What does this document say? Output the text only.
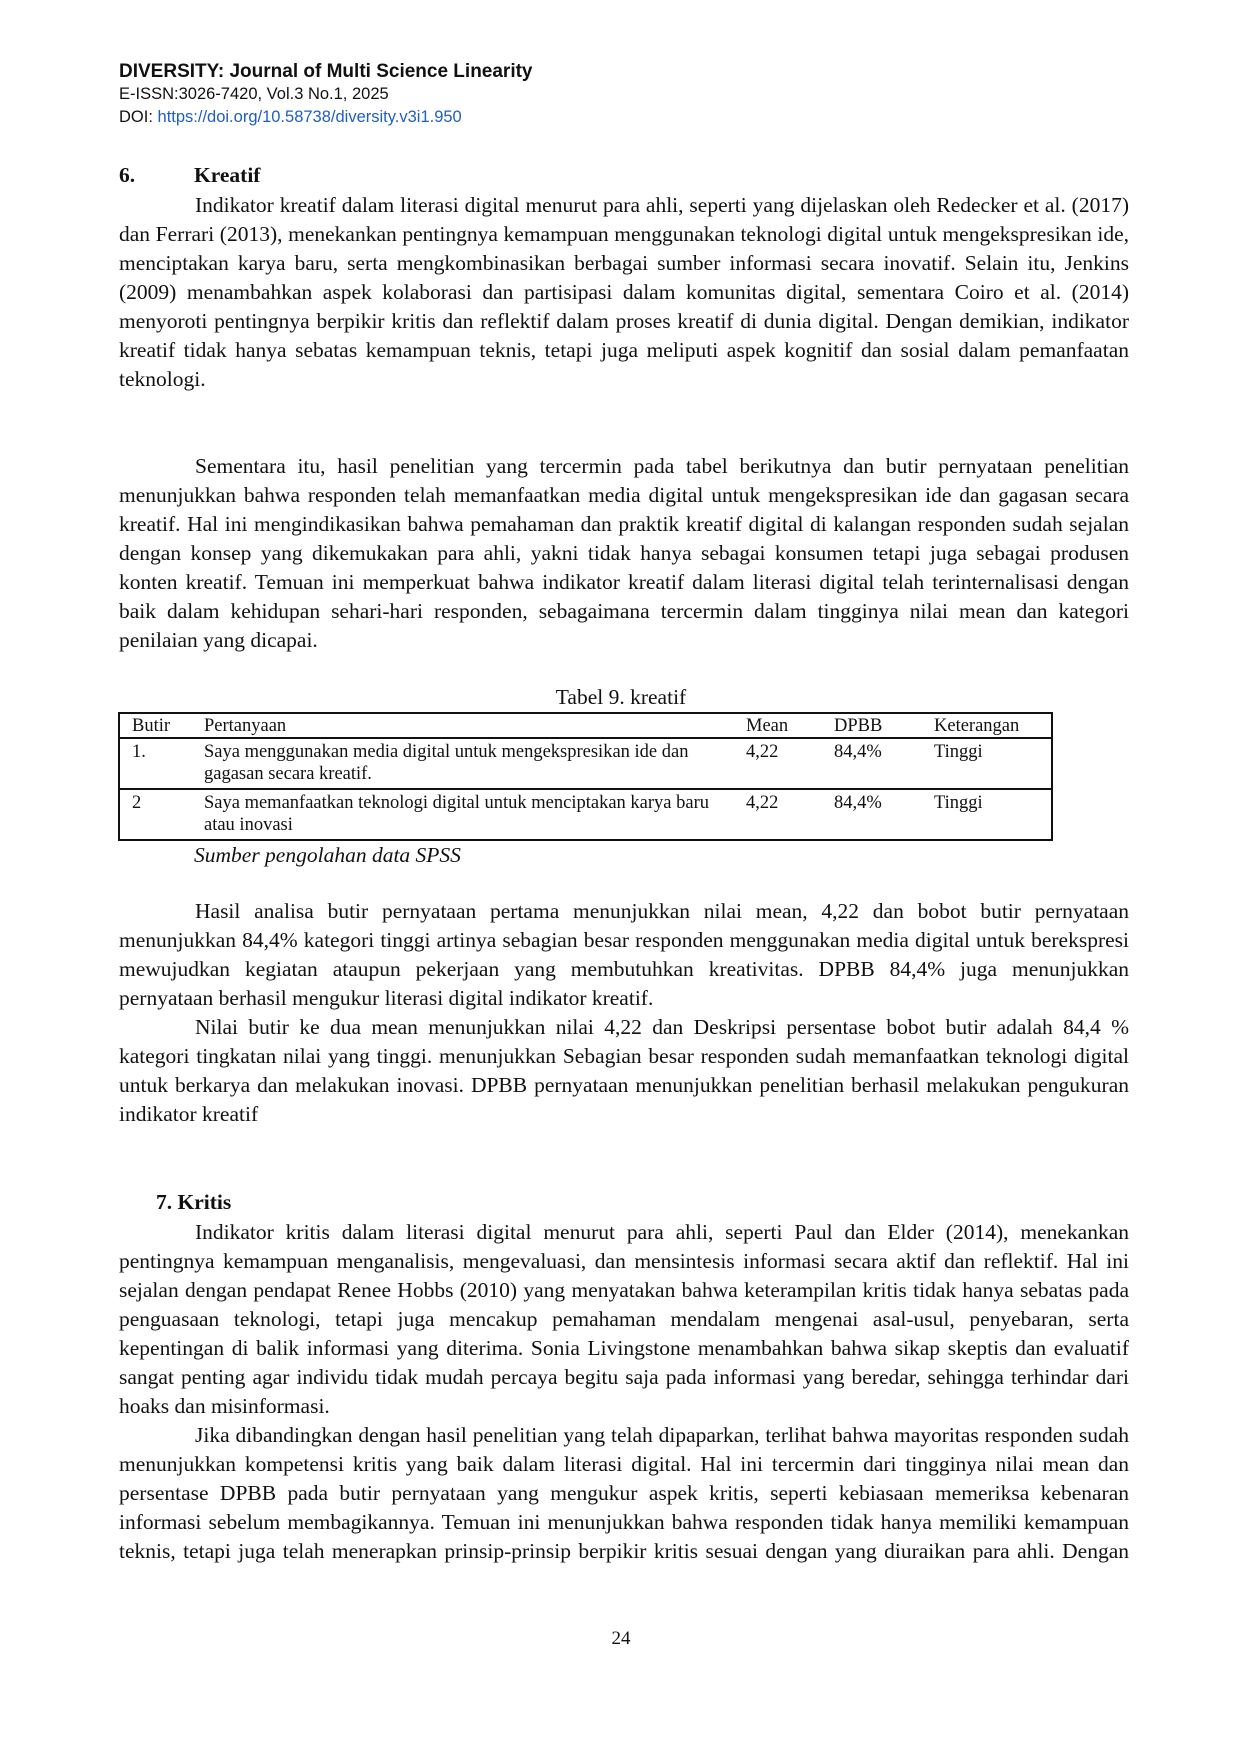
DIVERSITY: Journal of Multi Science Linearity
E-ISSN:3026-7420, Vol.3 No.1, 2025
DOI: https://doi.org/10.58738/diversity.v3i1.950
6.	Kreatif

Indikator kreatif dalam literasi digital menurut para ahli, seperti yang dijelaskan oleh Redecker et al. (2017) dan Ferrari (2013), menekankan pentingnya kemampuan menggunakan teknologi digital untuk mengekspresikan ide, menciptakan karya baru, serta mengkombinasikan berbagai sumber informasi secara inovatif. Selain itu, Jenkins (2009) menambahkan aspek kolaborasi dan partisipasi dalam komunitas digital, sementara Coiro et al. (2014) menyoroti pentingnya berpikir kritis dan reflektif dalam proses kreatif di dunia digital. Dengan demikian, indikator kreatif tidak hanya sebatas kemampuan teknis, tetapi juga meliputi aspek kognitif dan sosial dalam pemanfaatan teknologi.

Sementara itu, hasil penelitian yang tercermin pada tabel berikutnya dan butir pernyataan penelitian menunjukkan bahwa responden telah memanfaatkan media digital untuk mengekspresikan ide dan gagasan secara kreatif. Hal ini mengindikasikan bahwa pemahaman dan praktik kreatif digital di kalangan responden sudah sejalan dengan konsep yang dikemukakan para ahli, yakni tidak hanya sebagai konsumen tetapi juga sebagai produsen konten kreatif. Temuan ini memperkuat bahwa indikator kreatif dalam literasi digital telah terinternalisasi dengan baik dalam kehidupan sehari-hari responden, sebagaimana tercermin dalam tingginya nilai mean dan kategori penilaian yang dicapai.

Tabel 9. kreatif
Butir	Pertanyaan	Mean	DPBB	Keterangan
1.	Saya menggunakan media digital untuk mengekspresikan ide dan gagasan secara kreatif.	4,22	84,4%	Tinggi
2	Saya memanfaatkan teknologi digital untuk menciptakan karya baru atau inovasi	4,22	84,4%	Tinggi
Sumber pengolahan data SPSS

Hasil analisa butir pernyataan pertama menunjukkan nilai mean, 4,22 dan bobot butir pernyataan menunjukkan 84,4% kategori tinggi artinya sebagian besar responden menggunakan media digital untuk berekspresi mewujudkan kegiatan ataupun pekerjaan yang membutuhkan kreativitas. DPBB 84,4% juga menunjukkan pernyataan berhasil mengukur literasi digital indikator kreatif.

Nilai butir ke dua mean menunjukkan nilai 4,22 dan Deskripsi persentase bobot butir adalah 84,4 % kategori tingkatan nilai yang tinggi. menunjukkan Sebagian besar responden sudah memanfaatkan teknologi digital untuk berkarya dan melakukan inovasi. DPBB pernyataan menunjukkan penelitian berhasil melakukan pengukuran indikator kreatif

7. Kritis

Indikator kritis dalam literasi digital menurut para ahli, seperti Paul dan Elder (2014), menekankan pentingnya kemampuan menganalisis, mengevaluasi, dan mensintesis informasi secara aktif dan reflektif. Hal ini sejalan dengan pendapat Renee Hobbs (2010) yang menyatakan bahwa keterampilan kritis tidak hanya sebatas pada penguasaan teknologi, tetapi juga mencakup pemahaman mendalam mengenai asal-usul, penyebaran, serta kepentingan di balik informasi yang diterima. Sonia Livingstone menambahkan bahwa sikap skeptis dan evaluatif sangat penting agar individu tidak mudah percaya begitu saja pada informasi yang beredar, sehingga terhindar dari hoaks dan misinformasi.

Jika dibandingkan dengan hasil penelitian yang telah dipaparkan, terlihat bahwa mayoritas responden sudah menunjukkan kompetensi kritis yang baik dalam literasi digital. Hal ini tercermin dari tingginya nilai mean dan persentase DPBB pada butir pernyataan yang mengukur aspek kritis, seperti kebiasaan memeriksa kebenaran informasi sebelum membagikannya. Temuan ini menunjukkan bahwa responden tidak hanya memiliki kemampuan teknis, tetapi juga telah menerapkan prinsip-prinsip berpikir kritis sesuai dengan yang diuraikan para ahli. Dengan

24
